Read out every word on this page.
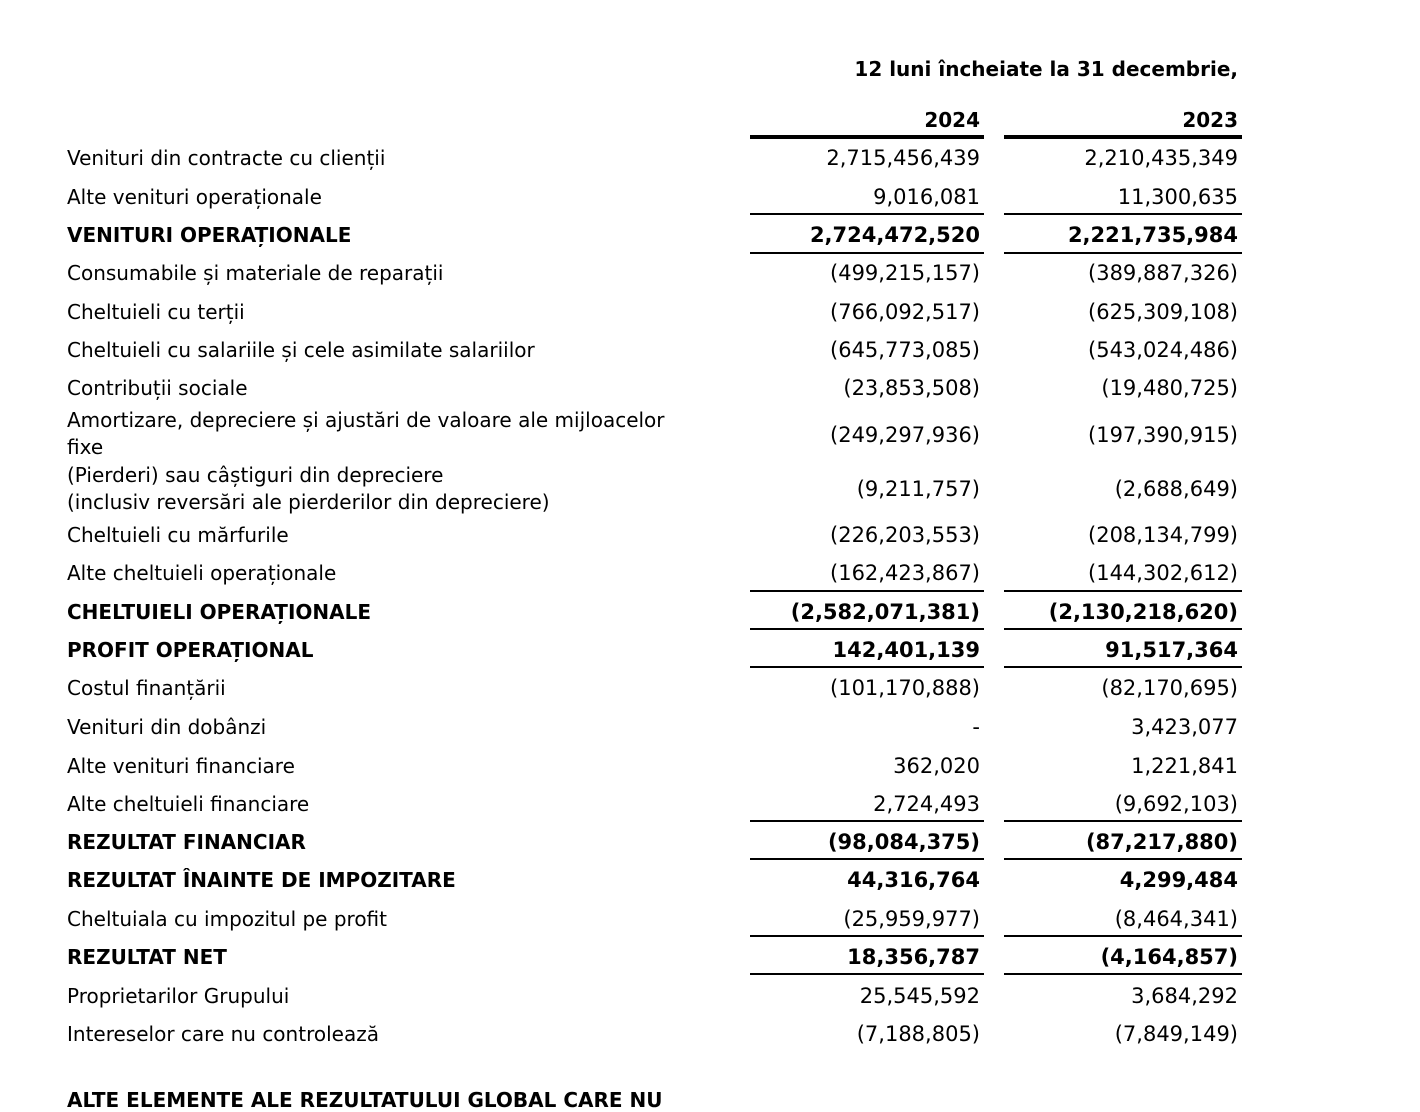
12 luni încheiate la 31 decembrie,
2024	2023
Venituri din contracte cu clienții	2,715,456,439	2,210,435,349
Alte venituri operaționale	9,016,081	11,300,635
VENITURI OPERAȚIONALE	2,724,472,520	2,221,735,984
Consumabile și materiale de reparații	(499,215,157)	(389,887,326)
Cheltuieli cu terții	(766,092,517)	(625,309,108)
Cheltuieli cu salariile și cele asimilate salariilor	(645,773,085)	(543,024,486)
Contribuții sociale	(23,853,508)	(19,480,725)
Amortizare, depreciere și ajustări de valoare ale mijloacelor
fixe	(249,297,936)	(197,390,915)
(Pierderi) sau câștiguri din depreciere
(inclusiv reversări ale pierderilor din depreciere)
(9,211,757)	(2,688,649)
Cheltuieli cu mărfurile	(226,203,553)	(208,134,799)
Alte cheltuieli operaționale	(162,423,867)	(144,302,612)
CHELTUIELI OPERAȚIONALE	(2,582,071,381)	(2,130,218,620)
PROFIT OPERAȚIONAL	142,401,139	91,517,364
Costul finanțării	(101,170,888)	(82,170,695)
Venituri din dobânzi	-	3,423,077
Alte venituri financiare	362,020	1,221,841
Alte cheltuieli financiare	2,724,493	(9,692,103)
REZULTAT FINANCIAR	(98,084,375)	(87,217,880)
REZULTAT ÎNAINTE DE IMPOZITARE	44,316,764	4,299,484
Cheltuiala cu impozitul pe profit	(25,959,977)	(8,464,341)
REZULTAT NET	18,356,787	(4,164,857)
Proprietarilor Grupului	25,545,592	3,684,292
Intereselor care nu controlează	(7,188,805)	(7,849,149)
ALTE ELEMENTE ALE REZULTATULUI GLOBAL CARE NU
